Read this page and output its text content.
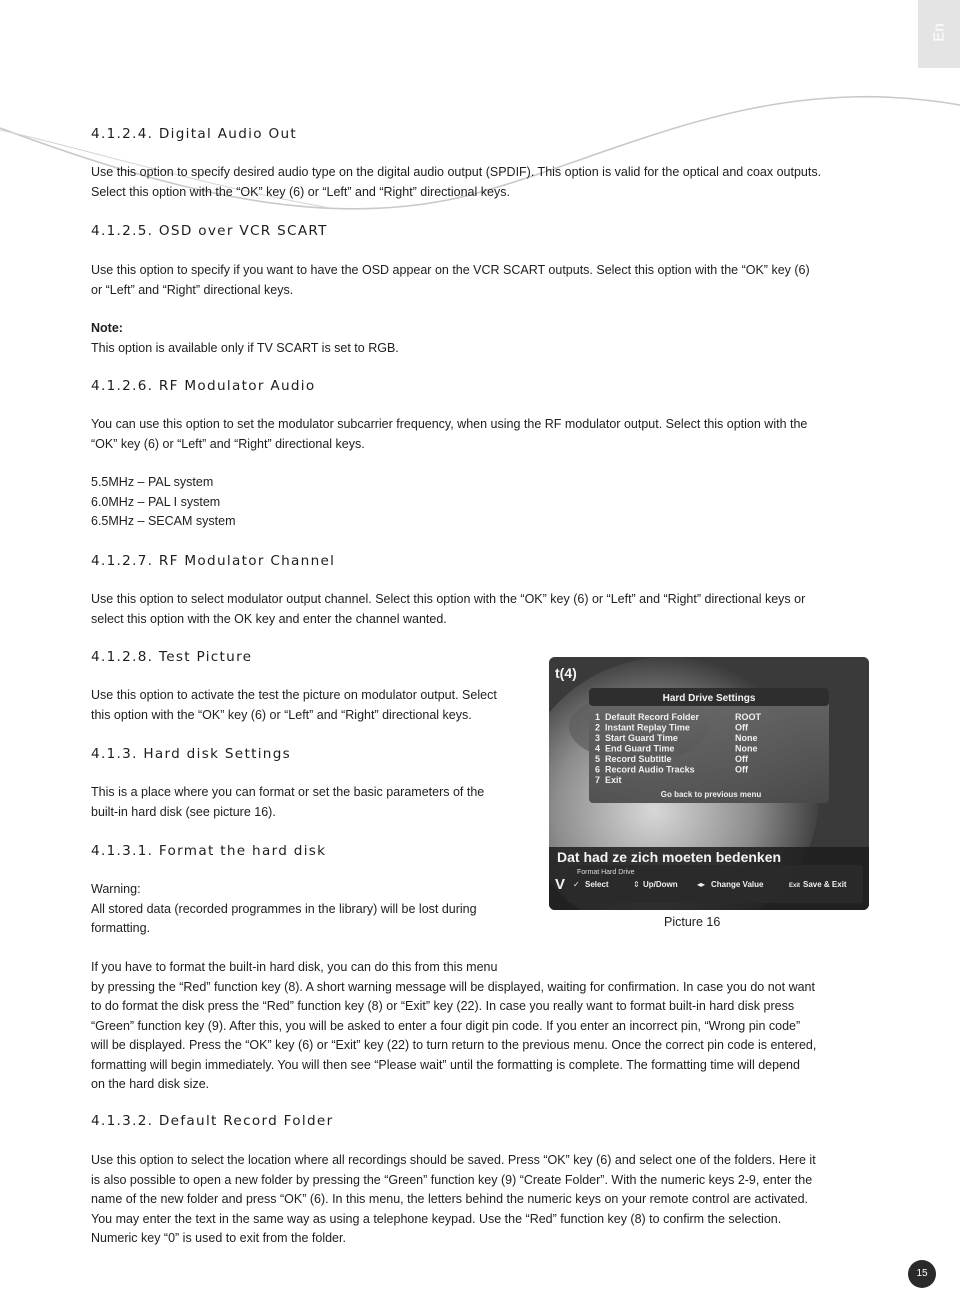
En
4.1.2.4. Digital Audio Out
Use this option to specify desired audio type on the digital audio output (SPDIF). This option is valid for the optical and coax outputs.
Select this option with the “OK” key (6) or “Left” and “Right” directional keys.
4.1.2.5. OSD over VCR SCART
Use this option to specify if you want to have the OSD appear on the VCR SCART outputs. Select this option with the “OK” key (6)
or “Left” and “Right” directional keys.
Note:
This option is available only if TV SCART is set to RGB.
4.1.2.6. RF Modulator Audio
You can use this option to set the modulator subcarrier frequency, when using the RF modulator output. Select this option with the
“OK” key (6) or “Left” and “Right” directional keys.
5.5MHz – PAL system
6.0MHz – PAL I system
6.5MHz – SECAM system
4.1.2.7. RF Modulator Channel
Use this option to select modulator output channel. Select this option with the “OK” key (6) or “Left” and “Right” directional keys or
select this option with the OK key and enter the channel wanted.
4.1.2.8. Test Picture
Use this option to activate the test the picture on modulator output. Select
this option with the “OK” key (6) or “Left” and “Right” directional keys.
4.1.3. Hard disk Settings
This is a place where you can format or set the basic parameters of the
built-in hard disk (see picture 16).
4.1.3.1. Format the hard disk
Warning:
All stored data (recorded programmes in the library) will be lost during
formatting.
If you have to format the built-in hard disk, you can do this from this menu
by pressing the “Red” function key (8). A short warning message will be displayed, waiting for confirmation. In case you do not want
to do format the disk press the “Red” function key (8) or “Exit” key (22). In case you really want to format built-in hard disk press
“Green” function key (9). After this, you will be asked to enter a four digit pin code. If you enter an incorrect pin, “Wrong pin code”
will be displayed. Press the “OK” key (6) or “Exit” key (22) to turn return to the previous menu. Once the correct pin code is entered,
formatting will begin immediately. You will then see “Please wait” until the formatting is complete. The formatting time will depend
on the hard disk size.
4.1.3.2. Default Record Folder
Use this option to select the location where all recordings should be saved. Press “OK” key (6) and select one of the folders. Here it
is also possible to open a new folder by pressing the “Green” function key (9) “Create Folder”. With the numeric keys 2-9, enter the
name of the new folder and press “OK” (6). In this menu, the letters behind the numeric keys on your remote control are activated.
You may enter the text in the same way as using a telephone keypad. Use the “Red” function key (8) to confirm the selection.
Numeric key “0” is used to exit from the folder.
1 Default Record Folder	ROOT
2 Instant Replay Time	Off
3 Start Guard Time	None
4 End Guard Time	None
5 Record Subtitle	Off
6 Record Audio Tracks	Off
7 Exit
t(4)
Hard Drive Settings
Go back to previous menu
Dat had ze zich moeten bedenken
V
Format Hard Drive
✓ Select	⇕ Up/Down ◂▸ Change Value	Exit Save & Exit
Picture 16
15
